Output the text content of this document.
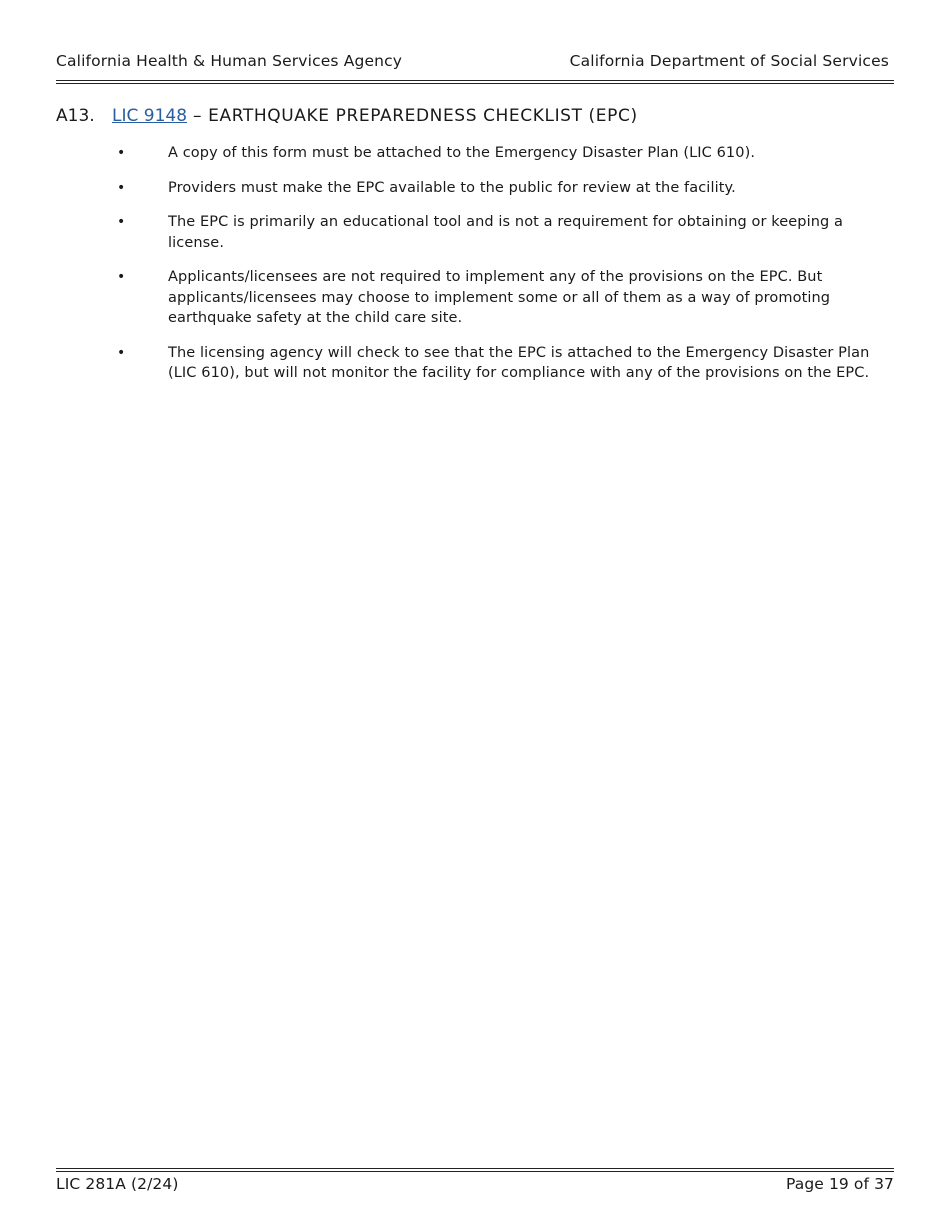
California Health & Human Services Agency	California Department of Social Services
A13. LIC 9148 – EARTHQUAKE PREPAREDNESS CHECKLIST (EPC)
•	A copy of this form must be attached to the Emergency Disaster Plan (LIC 610).
•	Providers must make the EPC available to the public for review at the facility.
•	The EPC is primarily an educational tool and is not a requirement for obtaining or keeping a license.
•	Applicants/licensees are not required to implement any of the provisions on the EPC. But applicants/licensees may choose to implement some or all of them as a way of promoting earthquake safety at the child care site.
•	The licensing agency will check to see that the EPC is attached to the Emergency Disaster Plan (LIC 610), but will not monitor the facility for compliance with any of the provisions on the EPC.
LIC 281A (2/24)	Page 19 of 37
